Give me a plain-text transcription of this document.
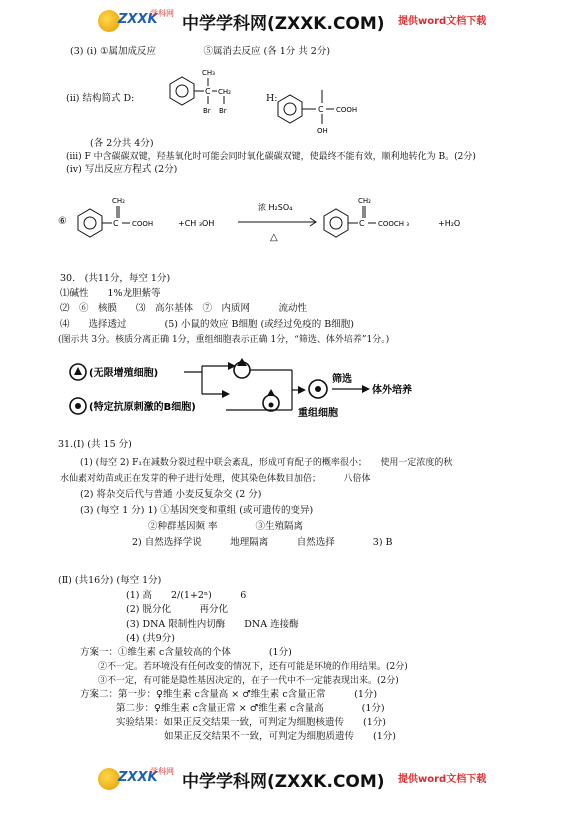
ZXXK
学科网
中学学科网(ZXXK.COM) 提供word文档下载
(3) (i) ①属加成反应　　　　　⑤属消去反应 (各 1分 共 2分)
(ii) 结构简式 D:	H:
CH₃
C CH₂
Br Br	C COOH
OH
(各 2分共 4分)
(iii) F 中含碳碳双键，羟基氧化时可能会同时氧化碳碳双键，使最终不能有效，顺利地转化为 B。(2分)
(iv) 写出反应方程式 (2分)
⑥	C
CH₂
COOH	+CH ₃OH
浓 H₂SO₄
△
C
CH₂
COOCH ₃	+H₂O
30.　(共11分，每空 1分)
⑴碱性　　1%龙胆紫等
⑵　⑥　核膜　　⑶　高尔基体　⑦　内质网　　　流动性
⑷　　选择透过　　　　(5) 小鼠的效应 B细胞 (或经过免疫的 B细胞)
(图示共 3分。核质分离正确 1分，重组细胞表示正确 1分，“筛选、体外培养”1分。)
(无限增殖细胞)
(特定抗原刺激的B细胞)
筛选
体外培养
重组细胞
31.(Ⅰ) (共 15 分)
(1) (每空 2) F₁在减数分裂过程中联会紊乱，形成可育配子的概率很小；　　使用一定浓度的秋
水仙素对幼苗或正在发芽的种子进行处理，使其染色体数目加倍；　　　八倍体
(2) 将杂交后代与普通 小麦反复杂交 (2 分)
(3) (每空 1 分) 1) ①基因突变和重组 (或可遗传的变异)
②种群基因频 率　　　　③生殖隔离
2) 自然选择学说　　　地理隔离　　　自然选择　　　　3) B
(Ⅱ) (共16分) (每空 1分)
(1) 高　　2/(1+2ⁿ)　　　6
(2) 脱分化　　　再分化
(3) DNA 限制性内切酶　　DNA 连接酶
(4) (共9分)
方案一：①维生素 c含量较高的个体　　　　(1分)
②不一定。若环境没有任何改变的情况下，还有可能是环境的作用结果。(2分)
③不一定，有可能是隐性基因决定的，在子一代中不一定能表现出来。(2分)
方案二：第一步：♀维生素 c含量高 × ♂维生素 c含量正常　　　(1分)
第二步：♀维生素 c含量正常 × ♂维生素 c含量高　　　　(1分)
实验结果：如果正反交结果一致，可判定为细胞核遗传　　(1分)
如果正反交结果不一致，可判定为细胞质遗传　　(1分)
ZXXK
学科网
中学学科网(ZXXK.COM) 提供word文档下载
